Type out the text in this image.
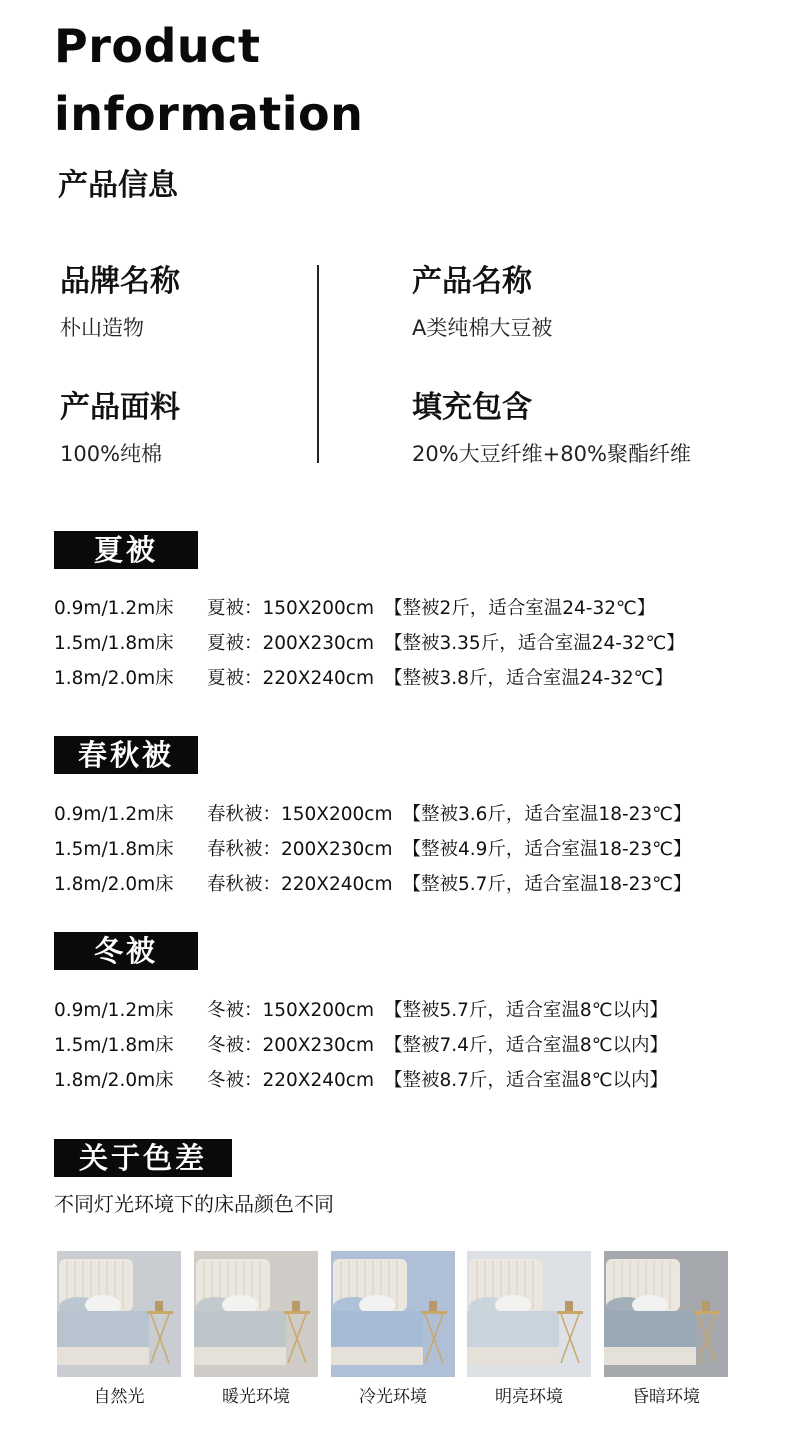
Product
information
产品信息
品牌名称
朴山造物
产品名称
A类纯棉大豆被
产品面料
100%纯棉
填充包含
20%大豆纤维+80%聚酯纤维
夏被
0.9m/1.2m床	夏被：150X200cm 【整被2斤，适合室温24-32℃】
1.5m/1.8m床	夏被：200X230cm 【整被3.35斤，适合室温24-32℃】
1.8m/2.0m床	夏被：220X240cm 【整被3.8斤，适合室温24-32℃】
春秋被
0.9m/1.2m床	春秋被：150X200cm 【整被3.6斤，适合室温18-23℃】
1.5m/1.8m床	春秋被：200X230cm 【整被4.9斤，适合室温18-23℃】
1.8m/2.0m床	春秋被：220X240cm 【整被5.7斤，适合室温18-23℃】
冬被
0.9m/1.2m床	冬被：150X200cm 【整被5.7斤，适合室温8℃以内】
1.5m/1.8m床	冬被：200X230cm 【整被7.4斤，适合室温8℃以内】
1.8m/2.0m床	冬被：220X240cm 【整被8.7斤，适合室温8℃以内】
关于色差
不同灯光环境下的床品颜色不同
自然光	暖光环境	冷光环境	明亮环境	昏暗环境
